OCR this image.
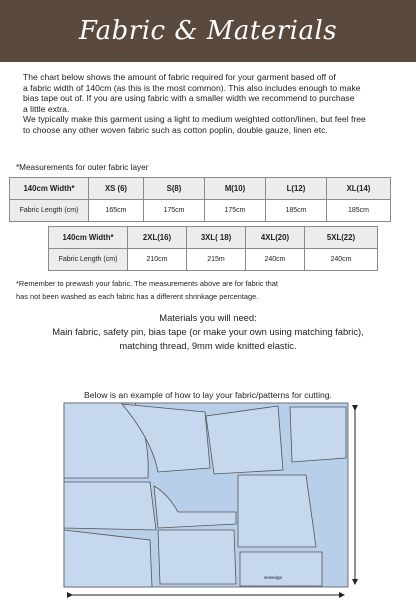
Fabric & Materials

The chart below shows the amount of fabric required for your garment based off of

a fabric width of 140cm (as this is the most common). This also includes enough to make

bias tape out of. If you are using fabric with a smaller width we recommend to purchase

a little extra.

We typically make this garment using a light to medium weighted cotton/linen, but feel free

to choose any other woven fabric such as cotton poplin, double gauze, linen etc.

*Measurements for outer fabric layer
140cm Width*	XS (6)	S(8)	M(10)	L(12)	XL(14)
Fabric Length (cm)	165cm	175cm	175cm	185cm	185cm
140cm Width*	2XL(16)	3XL( 18)	4XL(20)	5XL(22)
Fabric Length (cm)	210cm	215m	240cm	240cm

*Remember to prewash your fabric. The measurements above are for fabric that

has not been washed as each fabric has a different shrinkage percentage.

Materials you will need:

Main fabric, safety pin, bias tape (or make your own using matching fabric),

matching thread, 9mm wide knitted elastic.

Below is an example of how to lay your fabric/patterns for cutting.
selvedge
